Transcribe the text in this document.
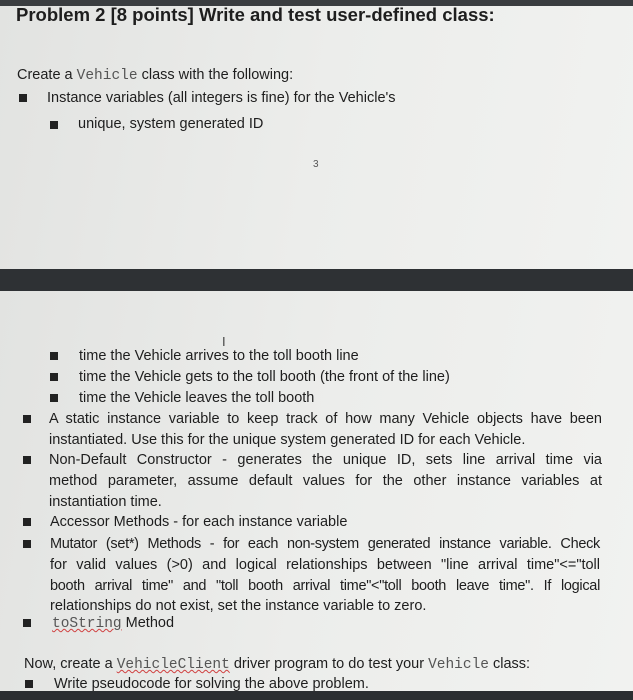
Problem 2 [8 points] Write and test user-defined class:
Create a Vehicle class with the following:
Instance variables (all integers is fine) for the Vehicle's
unique, system generated ID
3
I
time the Vehicle arrives to the toll booth line
time the Vehicle gets to the toll booth (the front of the line)
time the Vehicle leaves the toll booth
A static instance variable to keep track of how many Vehicle objects have been
instantiated. Use this for the unique system generated ID for each Vehicle.
Non-Default Constructor - generates the unique ID, sets line arrival time via
method parameter, assume default values for the other instance variables at
instantiation time.
Accessor Methods - for each instance variable
Mutator (set*) Methods - for each non-system generated instance variable. Check
for valid values (>0) and logical relationships between "line arrival time"<="toll
booth arrival time" and "toll booth arrival time"<"toll booth leave time". If logical
relationships do not exist, set the instance variable to zero.
toString Method
Now, create a VehicleClient driver program to do test your Vehicle class:
Write pseudocode for solving the above problem.
